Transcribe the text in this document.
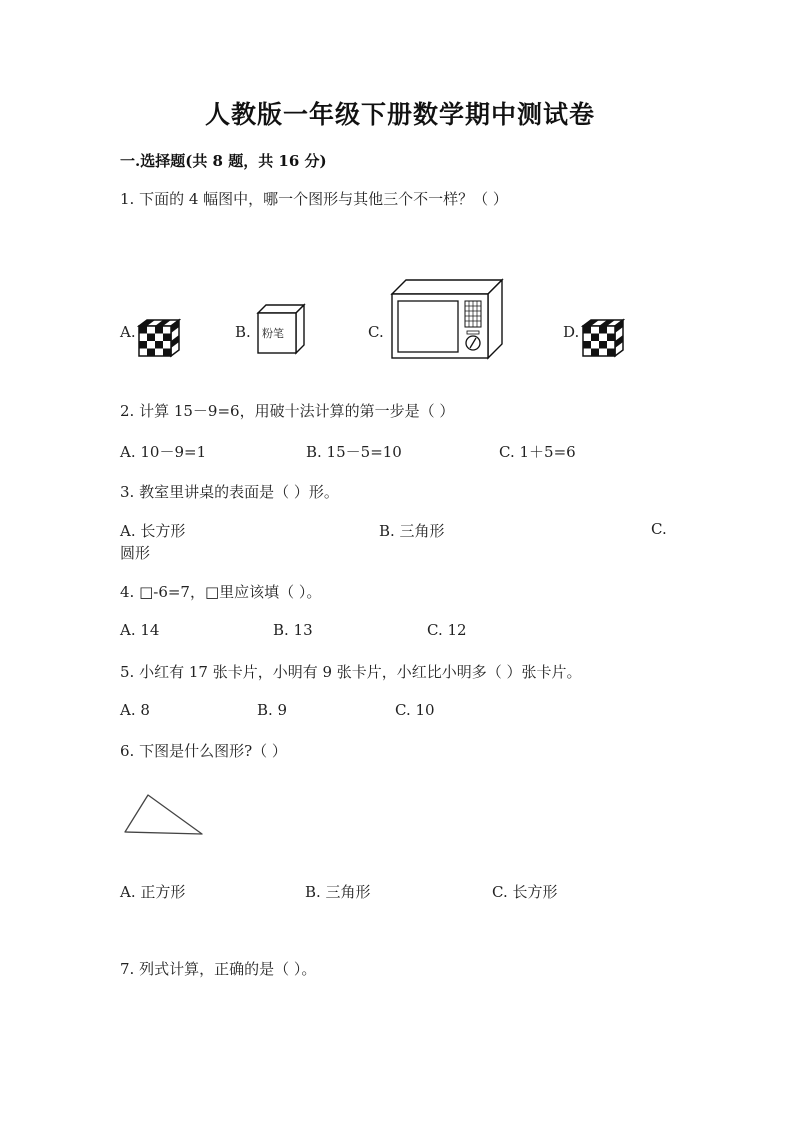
人教版一年级下册数学期中测试卷
一.选择题(共 8 题，共 16 分)
1. 下面的 4 幅图中，哪一个图形与其他三个不一样？（ ）
A.	B. 粉笔	C.	D.
2. 计算 15－9=6，用破十法计算的第一步是（ ）
A. 10－9=1	B. 15－5=10	C. 1＋5=6
3. 教室里讲桌的表面是（ ）形。
A. 长方形	B. 三角形	C.
圆形
4. □-6=7，□里应该填（ ）。
A. 14	B. 13	C. 12
5. 小红有 17 张卡片，小明有 9 张卡片，小红比小明多（ ）张卡片。
A. 8	B. 9	C. 10
6. 下图是什么图形?（ ）
A. 正方形	B. 三角形	C. 长方形
7. 列式计算，正确的是（ ）。
